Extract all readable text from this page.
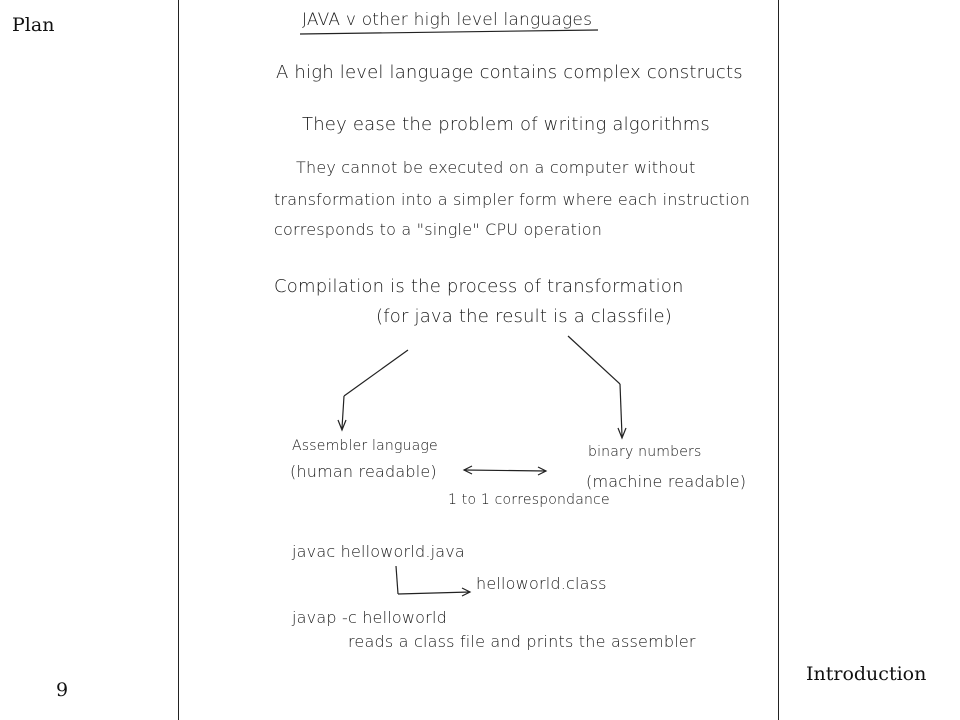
Plan	JAVA v other high level languages
A high level language contains complex constructs
They ease the problem of writing algorithms
They cannot be executed on a computer without
transformation into a simpler form where each instruction
corresponds to a "single" CPU operation
Compilation is the process of transformation
(for java the result is a classfile)
Assembler language
(human readable)
binary numbers
(machine readable)
1 to 1 correspondance
javac helloworld.java
helloworld.class
javap -c helloworld
reads a class file and prints the assembler
Introduction
9
